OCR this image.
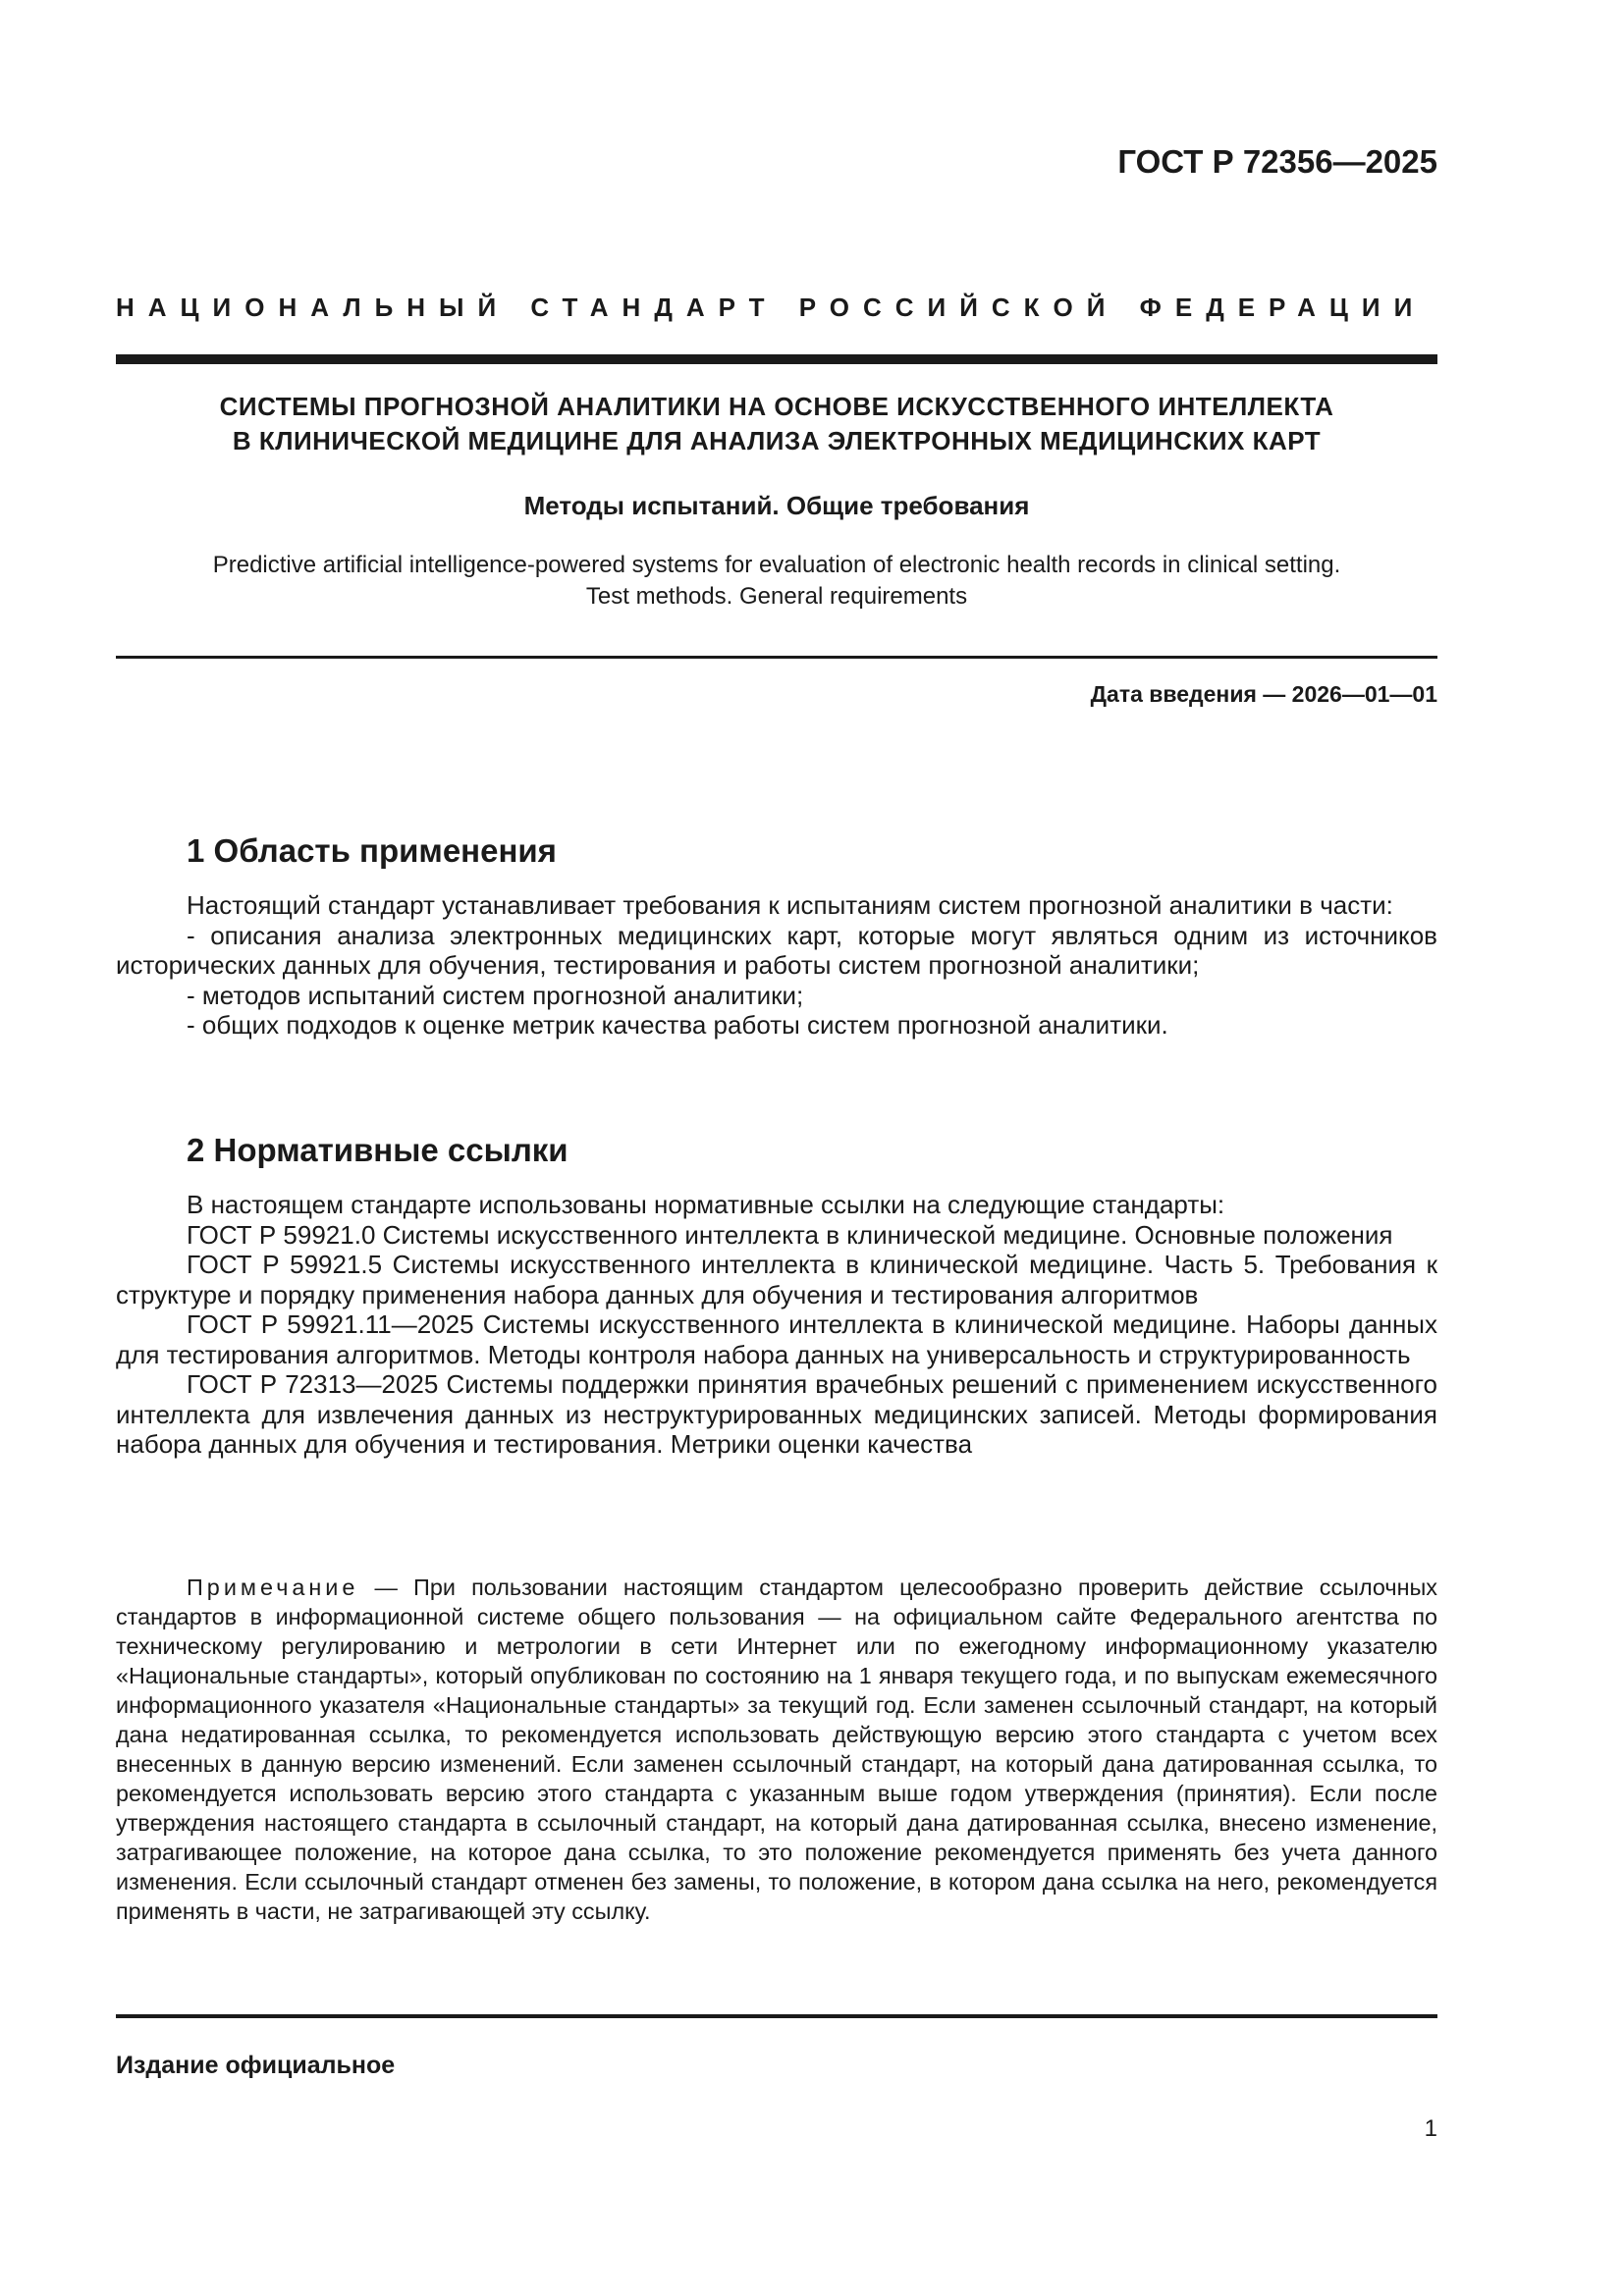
ГОСТ Р 72356—2025
НАЦИОНАЛЬНЫЙ СТАНДАРТ РОССИЙСКОЙ ФЕДЕРАЦИИ
СИСТЕМЫ ПРОГНОЗНОЙ АНАЛИТИКИ НА ОСНОВЕ ИСКУССТВЕННОГО ИНТЕЛЛЕКТА
В КЛИНИЧЕСКОЙ МЕДИЦИНЕ ДЛЯ АНАЛИЗА ЭЛЕКТРОННЫХ МЕДИЦИНСКИХ КАРТ
Методы испытаний. Общие требования
Predictive artificial intelligence-powered systems for evaluation of electronic health records in clinical setting.
Test methods. General requirements
Дата введения — 2026—01—01
1 Область применения

Настоящий стандарт устанавливает требования к испытаниям систем прогнозной аналитики в части:

- описания анализа электронных медицинских карт, которые могут являться одним из источников исторических данных для обучения, тестирования и работы систем прогнозной аналитики;

- методов испытаний систем прогнозной аналитики;

- общих подходов к оценке метрик качества работы систем прогнозной аналитики.

2 Нормативные ссылки

В настоящем стандарте использованы нормативные ссылки на следующие стандарты:

ГОСТ Р 59921.0 Системы искусственного интеллекта в клинической медицине. Основные положения

ГОСТ Р 59921.5 Системы искусственного интеллекта в клинической медицине. Часть 5. Требования к структуре и порядку применения набора данных для обучения и тестирования алгоритмов

ГОСТ Р 59921.11—2025 Системы искусственного интеллекта в клинической медицине. Наборы данных для тестирования алгоритмов. Методы контроля набора данных на универсальность и структурированность

ГОСТ Р 72313—2025 Системы поддержки принятия врачебных решений с применением искусственного интеллекта для извлечения данных из неструктурированных медицинских записей. Методы формирования набора данных для обучения и тестирования. Метрики оценки качества

Примечание — При пользовании настоящим стандартом целесообразно проверить действие ссылочных стандартов в информационной системе общего пользования — на официальном сайте Федерального агентства по техническому регулированию и метрологии в сети Интернет или по ежегодному информационному указателю «Национальные стандарты», который опубликован по состоянию на 1 января текущего года, и по выпускам ежемесячного информационного указателя «Национальные стандарты» за текущий год. Если заменен ссылочный стандарт, на который дана недатированная ссылка, то рекомендуется использовать действующую версию этого стандарта с учетом всех внесенных в данную версию изменений. Если заменен ссылочный стандарт, на который дана датированная ссылка, то рекомендуется использовать версию этого стандарта с указанным выше годом утверждения (принятия). Если после утверждения настоящего стандарта в ссылочный стандарт, на который дана датированная ссылка, внесено изменение, затрагивающее положение, на которое дана ссылка, то это положение рекомендуется применять без учета данного изменения. Если ссылочный стандарт отменен без замены, то положение, в котором дана ссылка на него, рекомендуется применять в части, не затрагивающей эту ссылку.

Издание официальное
1
